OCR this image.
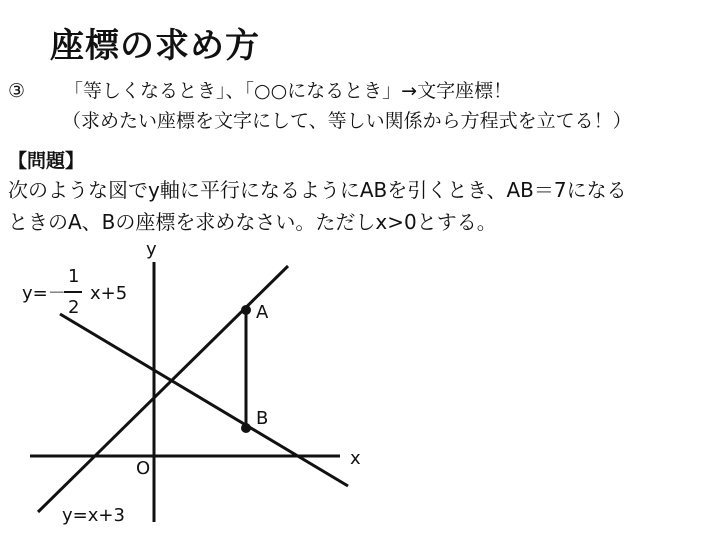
座標の求め方
③ 「等しくなるとき」、「○○になるとき」→文字座標！
（求めたい座標を文字にして、等しい関係から方程式を立てる！）
【問題】
次のような図でy軸に平行になるようにABを引くとき、AB＝7になる
ときのA、Bの座標を求めなさい。ただしx>0とする。
y
x
O
A
B
y=－
1
2
x+5
y=x+3
